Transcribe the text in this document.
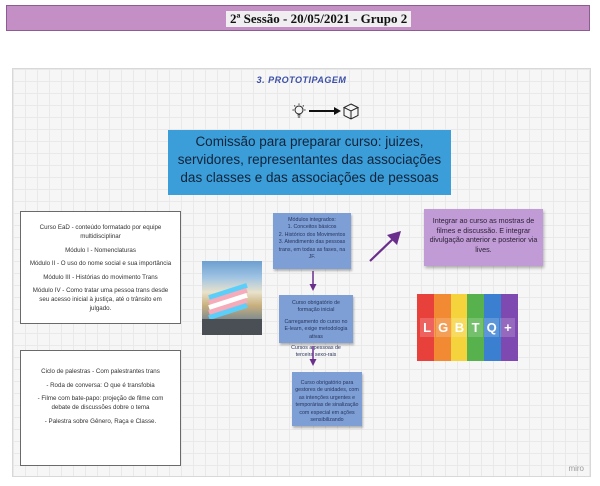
2ª Sessão - 20/05/2021 - Grupo 2
3. PROTOTIPAGEM
Comissão para preparar curso: juizes, servidores, representantes das associações das classes e das associações de pessoas

Curso EaD - conteúdo formatado por equipe multidisciplinar

Módulo I - Nomenclaturas

Módulo II - O uso do nome social e sua importância

Módulo III - Histórias do movimento Trans

Módulo IV - Como tratar uma pessoa trans desde seu acesso inicial à justiça, até o trânsito em julgado.

Ciclo de palestras - Com palestrantes trans

- Roda de conversa: O que é transfobia

- Filme com bate-papo: projeção de filme com debate de discussões dobre o tema

- Palestra sobre Gênero, Raça e Classe.

Módulos integrados:
1. Conceitos básicos
2. Histórico dos Movimentos
3. Atendimento das pessoas trans, em todas as fases, na JF.

Curso obrigatório de formação inicial

Carregamento do curso no E-learn, exige metodologia ativas

Cursos a pessoas de terceira sexo-rais

Curso obrigatório para gestores de unidades, com as intenções urgentes e temporárias de sinalização com especial em ações sensibilizando
Integrar ao curso as mostras de filmes e discussão. E integrar divulgação anterior e posterior via lives.
L G B T Q +
miro
